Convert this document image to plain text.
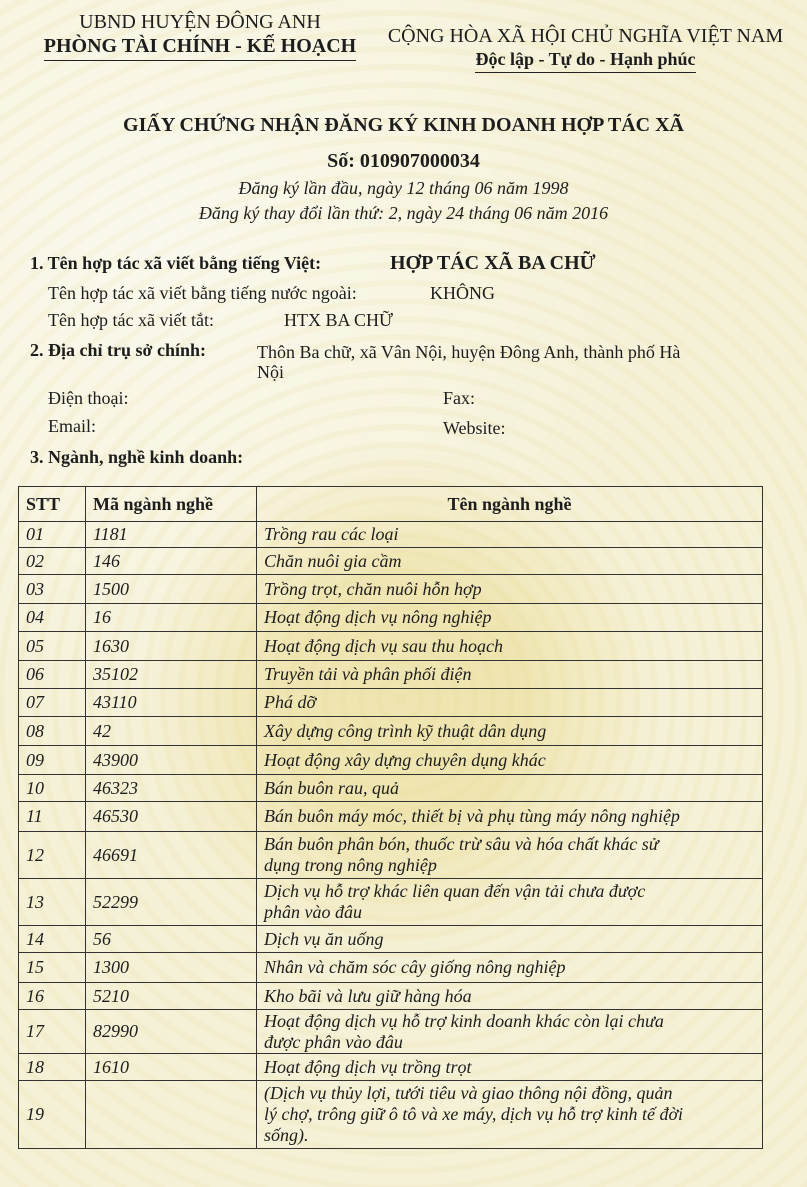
UBND HUYỆN ĐÔNG ANH
PHÒNG TÀI CHÍNH - KẾ HOẠCH	CỘNG HÒA XÃ HỘI CHỦ NGHĨA VIỆT NAM
Độc lập - Tự do - Hạnh phúc
GIẤY CHỨNG NHẬN ĐĂNG KÝ KINH DOANH HỢP TÁC XÃ
Số: 010907000034
Đăng ký lần đầu, ngày 12 tháng 06 năm 1998
Đăng ký thay đổi lần thứ: 2, ngày 24 tháng 06 năm 2016
1. Tên hợp tác xã viết bằng tiếng Việt:	HỢP TÁC XÃ BA CHỮ
Tên hợp tác xã viết bằng tiếng nước ngoài:	KHÔNG
Tên hợp tác xã viết tắt:	HTX BA CHỮ
2. Địa chỉ trụ sở chính:	Thôn Ba chữ, xã Vân Nội, huyện Đông Anh, thành phố Hà
Nội
Điện thoại:	Fax:
Email:	Website:
3. Ngành, nghề kinh doanh:
STT	Mã ngành nghề	Tên ngành nghề
01	1181	Trồng rau các loại

02	146	Chăn nuôi gia cầm

03	1500	Trồng trọt, chăn nuôi hỗn hợp

04	16	Hoạt động dịch vụ nông nghiệp

05	1630	Hoạt động dịch vụ sau thu hoạch

06	35102	Truyền tải và phân phối điện

07	43110	Phá dỡ

08	42	Xây dựng công trình kỹ thuật dân dụng

09	43900	Hoạt động xây dựng chuyên dụng khác

10	46323	Bán buôn rau, quả

11	46530	Bán buôn máy móc, thiết bị và phụ tùng máy nông nghiệp

12	46691	Bán buôn phân bón, thuốc trừ sâu và hóa chất khác sử
dụng trong nông nghiệp

13	52299	Dịch vụ hỗ trợ khác liên quan đến vận tải chưa được
phân vào đâu

14	56	Dịch vụ ăn uống

15	1300	Nhân và chăm sóc cây giống nông nghiệp

16	5210	Kho bãi và lưu giữ hàng hóa

17	82990	Hoạt động dịch vụ hỗ trợ kinh doanh khác còn lại chưa
được phân vào đâu

18	1610	Hoạt động dịch vụ trồng trọt

19		(Dịch vụ thủy lợi, tưới tiêu và giao thông nội đồng, quản
lý chợ, trông giữ ô tô và xe máy, dịch vụ hỗ trợ kinh tế đời
sống).
